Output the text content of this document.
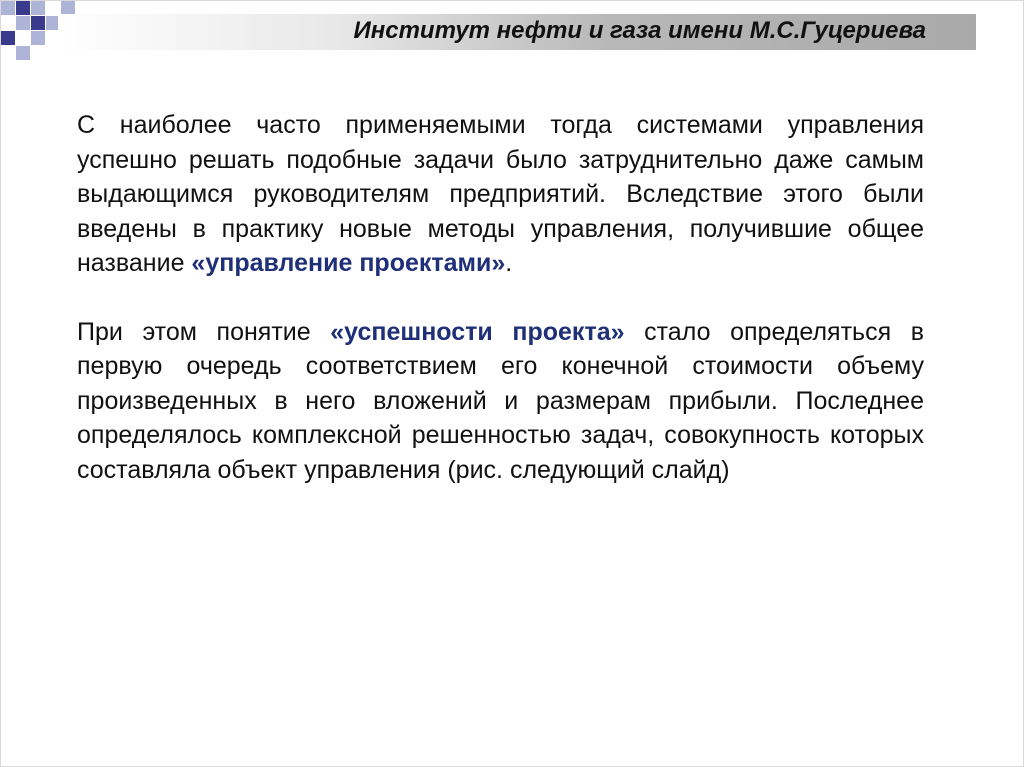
Институт нефти и газа имени М.С.Гуцериева

С наиболее часто применяемыми тогда системами управления успешно решать подобные задачи было затруднительно даже самым выдающимся руководителям предприятий. Вследствие этого были введены в практику новые методы управления, получившие общее название «управление проектами».

При этом понятие «успешности проекта» стало определяться в первую очередь соответствием его конечной стоимости объему произведенных в него вложений и размерам прибыли. Последнее определялось комплексной решенностью задач, совокупность которых составляла объект управления (рис. следующий слайд)
